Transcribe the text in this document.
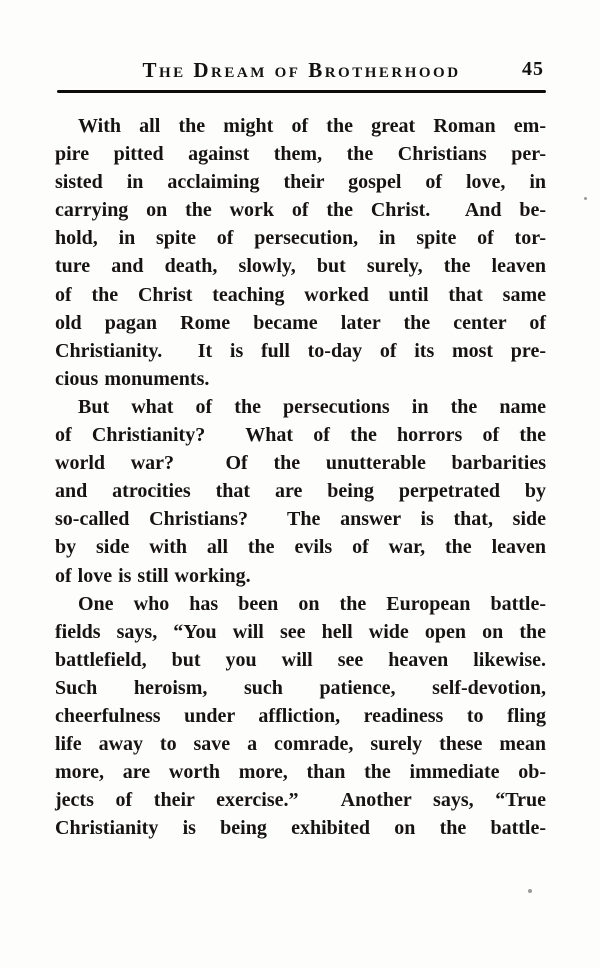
The Dream of Brotherhood	45
With all the might of the great Roman em-
pire pitted against them, the Christians per-
sisted in acclaiming their gospel of love, in
carrying on the work of the Christ.  And be-
hold, in spite of persecution, in spite of tor-
ture and death, slowly, but surely, the leaven
of the Christ teaching worked until that same
old pagan Rome became later the center of
Christianity.  It is full to-day of its most pre-
cious monuments.
But what of the persecutions in the name
of Christianity?  What of the horrors of the
world war?  Of the unutterable barbarities
and atrocities that are being perpetrated by
so-called Christians?  The answer is that, side
by side with all the evils of war, the leaven
of love is still working.
One who has been on the European battle-
fields says, “You will see hell wide open on the
battlefield, but you will see heaven likewise.
Such heroism, such patience, self-devotion,
cheerfulness under affliction, readiness to fling
life away to save a comrade, surely these mean
more, are worth more, than the immediate ob-
jects of their exercise.”  Another says, “True
Christianity is being exhibited on the battle-
